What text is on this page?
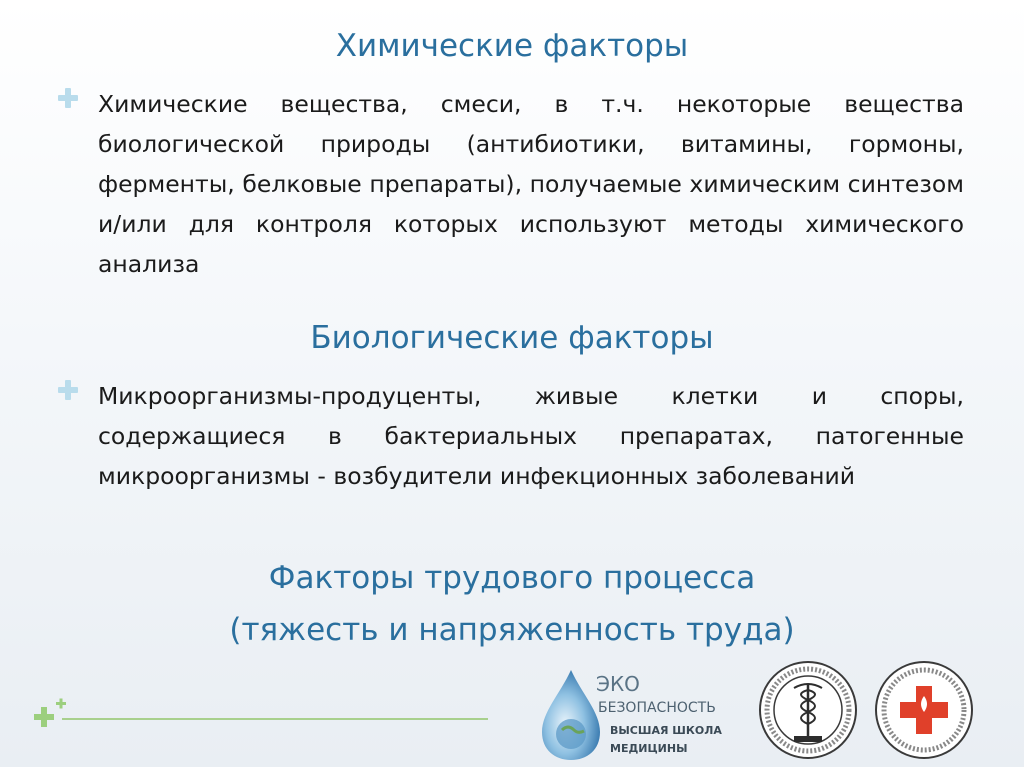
Химические факторы
Химические вещества, смеси, в т.ч. некоторые вещества биологической природы (антибиотики, витамины, гормоны, ферменты, белковые препараты), получаемые химическим синтезом и/или для контроля которых используют методы химического анализа
Биологические факторы
Микроорганизмы-продуценты, живые клетки и споры, содержащиеся в бактериальных препаратах, патогенные микроорганизмы - возбудители инфекционных заболеваний
Факторы трудового процесса
(тяжесть и напряженность труда)
ЭКО
БЕЗОПАСНОСТЬ
ВЫСШАЯ ШКОЛА
МЕДИЦИНЫ
